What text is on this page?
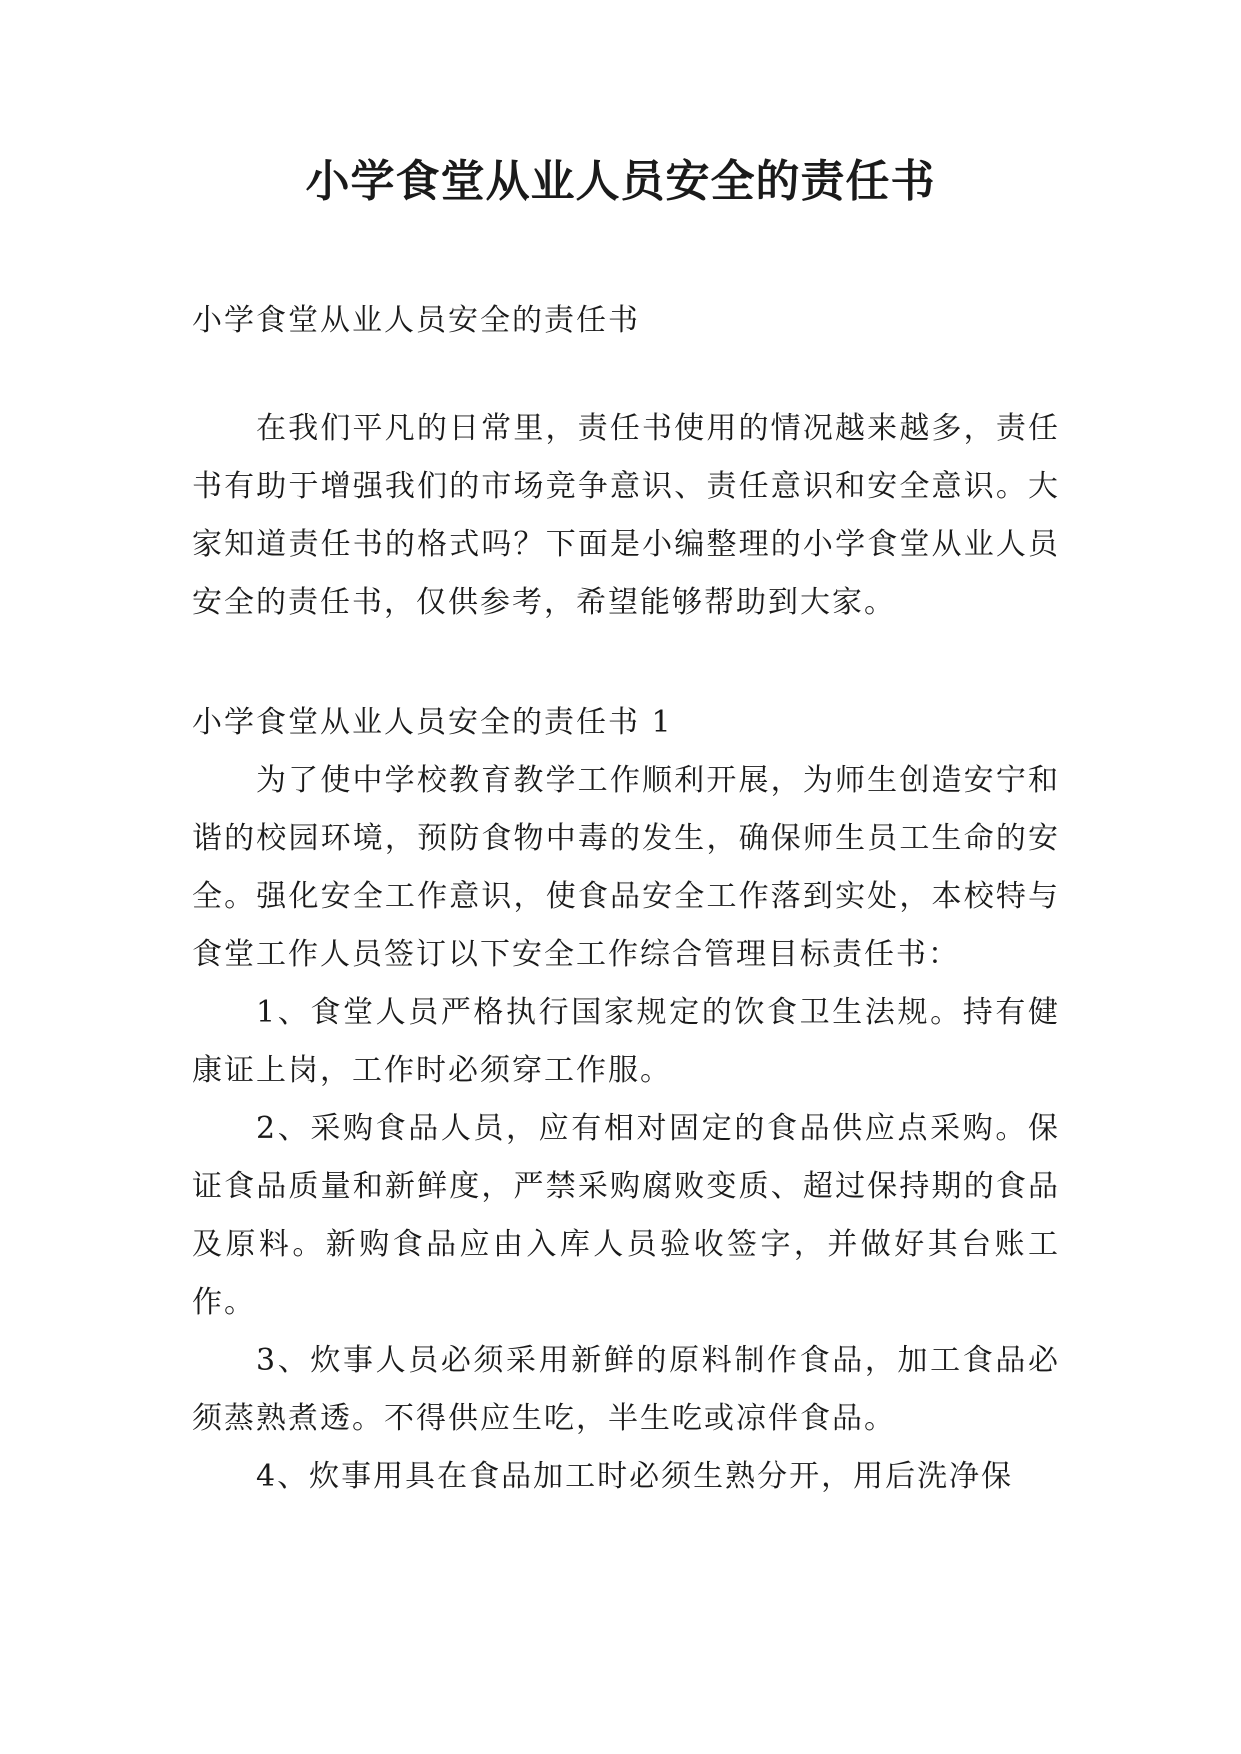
小学食堂从业人员安全的责任书

小学食堂从业人员安全的责任书

在我们平凡的日常里，责任书使用的情况越来越多，责任书有助于增强我们的市场竞争意识、责任意识和安全意识。大家知道责任书的格式吗？下面是小编整理的小学食堂从业人员安全的责任书，仅供参考，希望能够帮助到大家。

小学食堂从业人员安全的责任书 1

为了使中学校教育教学工作顺利开展，为师生创造安宁和谐的校园环境，预防食物中毒的发生，确保师生员工生命的安全。强化安全工作意识，使食品安全工作落到实处，本校特与食堂工作人员签订以下安全工作综合管理目标责任书：

1、食堂人员严格执行国家规定的饮食卫生法规。持有健康证上岗，工作时必须穿工作服。

2、采购食品人员，应有相对固定的食品供应点采购。保证食品质量和新鲜度，严禁采购腐败变质、超过保持期的食品及原料。新购食品应由入库人员验收签字，并做好其台账工作。

3、炊事人员必须采用新鲜的原料制作食品，加工食品必须蒸熟煮透。不得供应生吃，半生吃或凉伴食品。

4、炊事用具在食品加工时必须生熟分开，用后洗净保
